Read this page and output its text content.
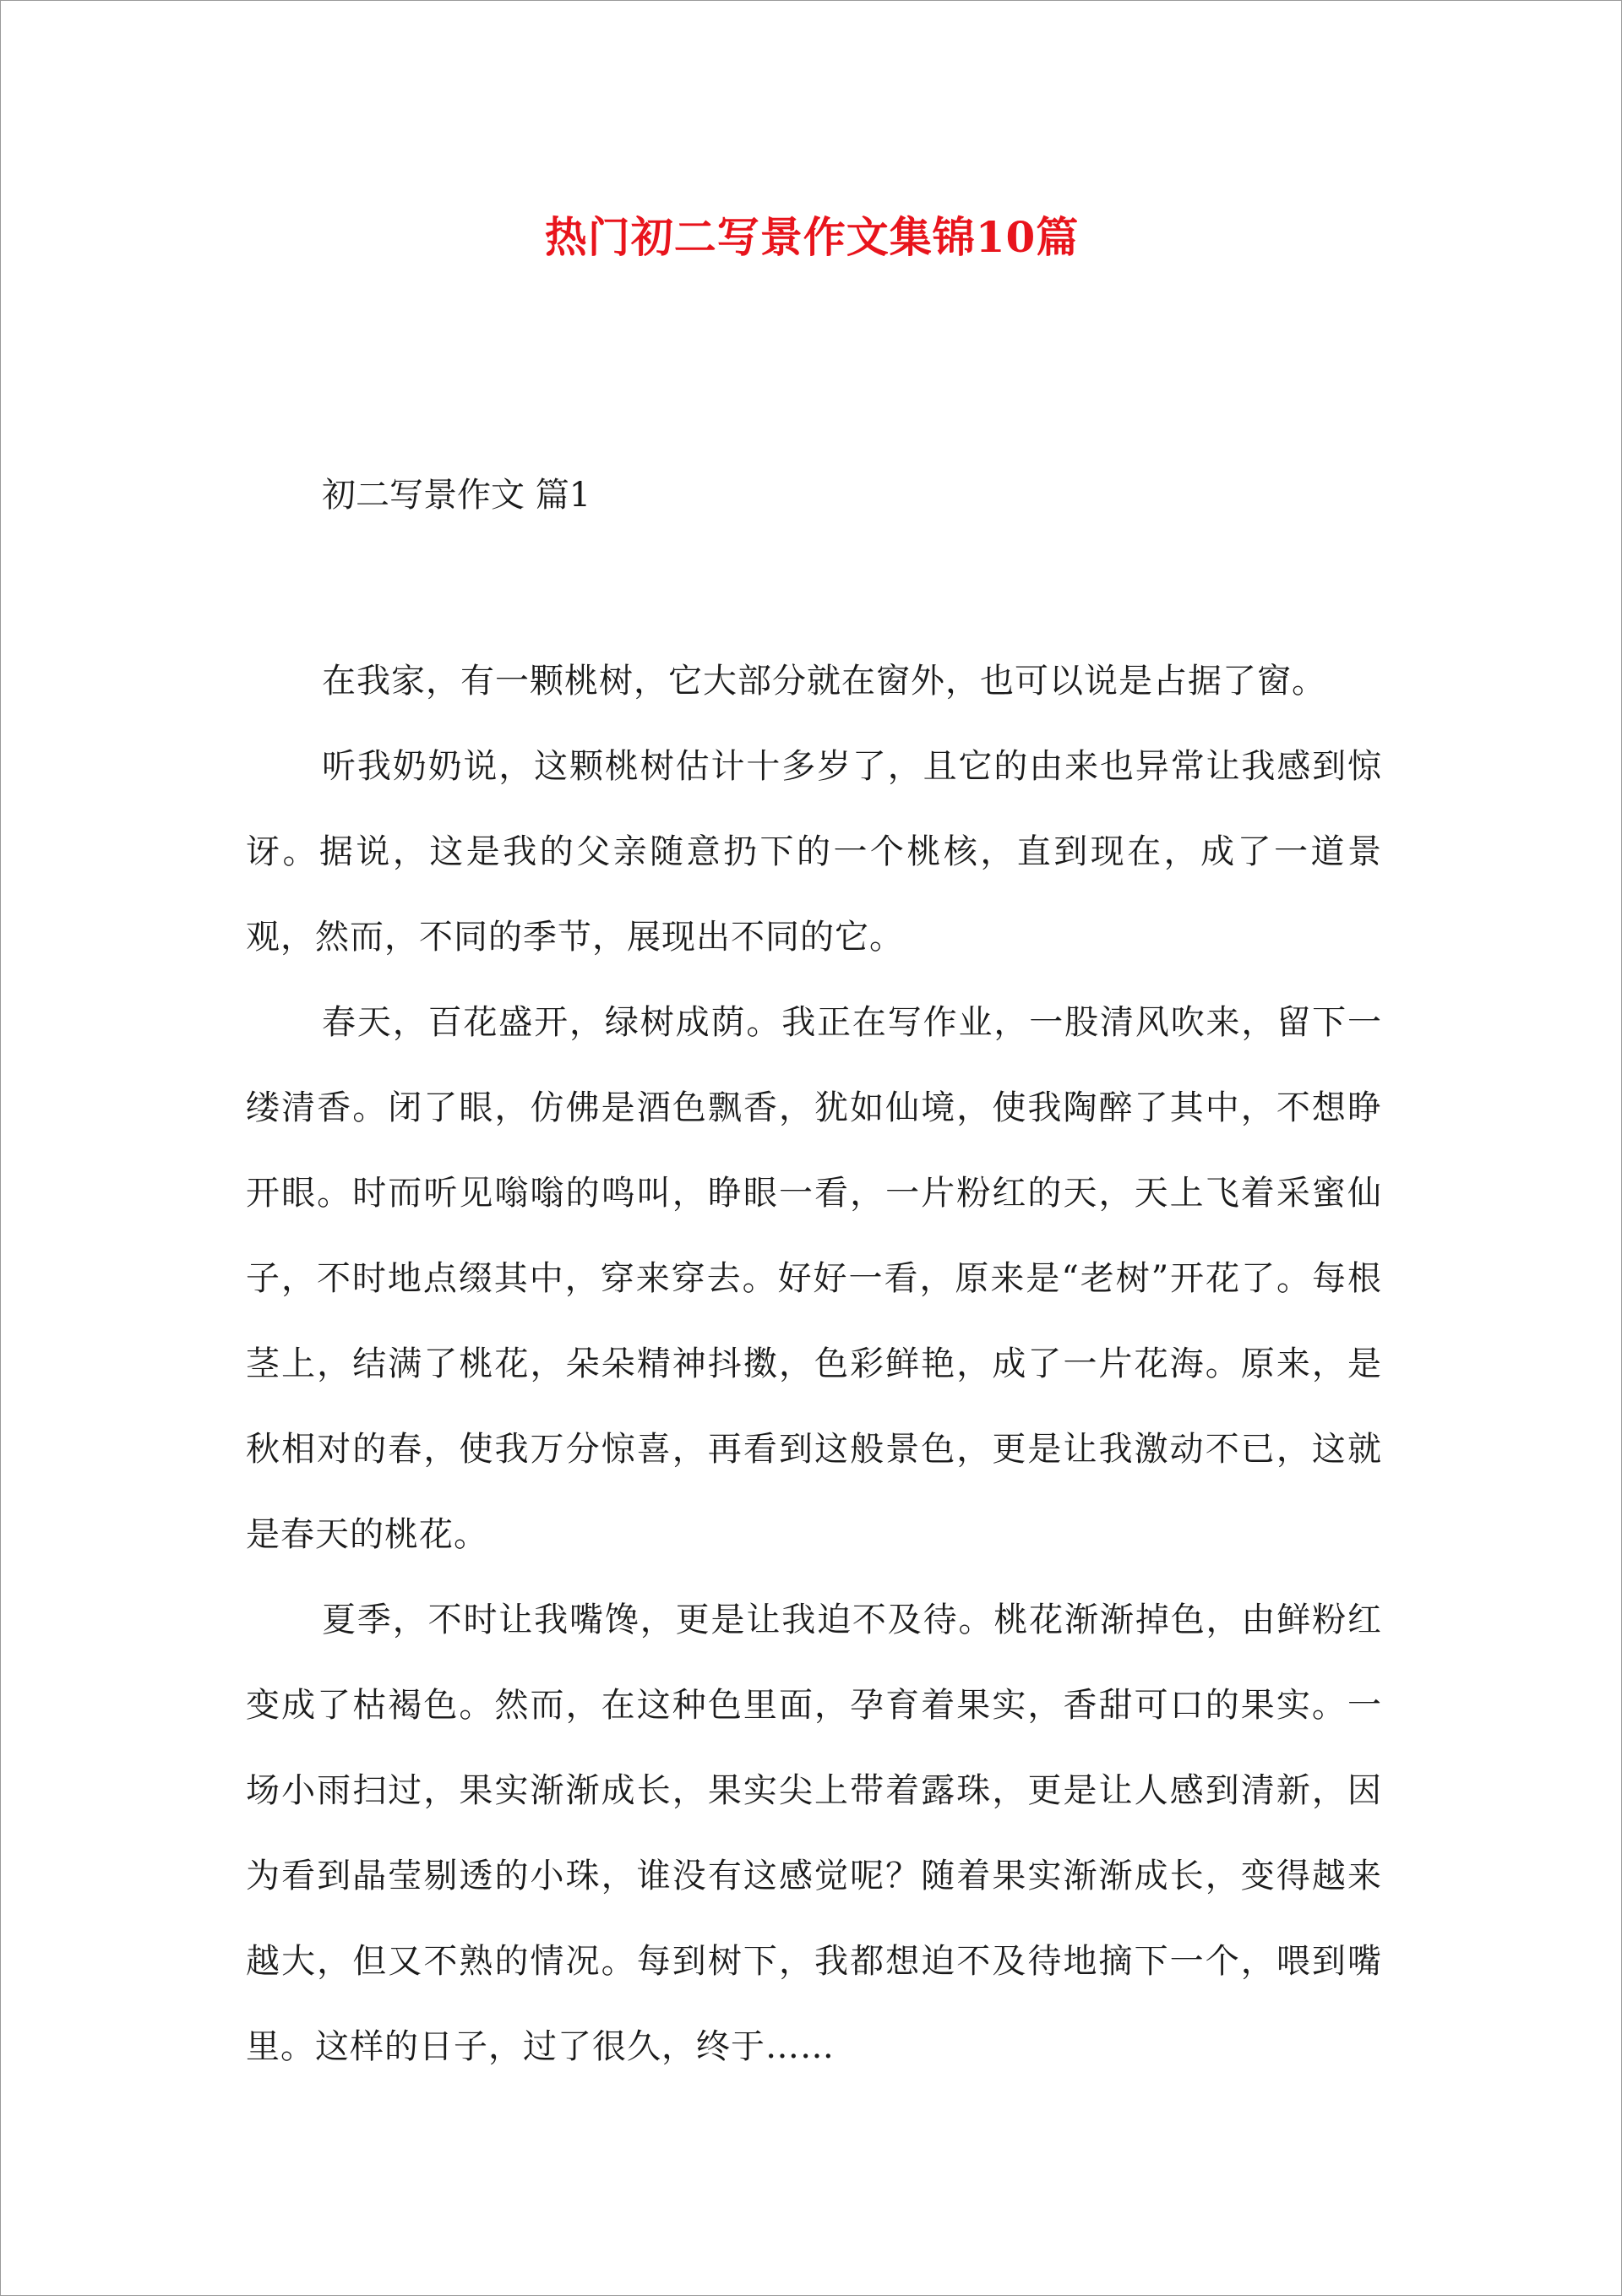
热门初二写景作文集锦10篇
初二写景作文 篇1

在我家，有一颗桃树，它大部分就在窗外，也可以说是占据了窗。

听我奶奶说，这颗桃树估计十多岁了，且它的由来也异常让我感到惊讶。据说，这是我的父亲随意扔下的一个桃核，直到现在，成了一道景观，然而，不同的季节，展现出不同的它。

春天，百花盛开，绿树成荫。我正在写作业，一股清风吹来，留下一缕清香。闭了眼，仿佛是酒色飘香，犹如仙境，使我陶醉了其中，不想睁开眼。时而听见嗡嗡的鸣叫，睁眼一看，一片粉红的天，天上飞着采蜜仙子，不时地点缀其中，穿来穿去。好好一看，原来是“老树”开花了。每根茎上，结满了桃花，朵朵精神抖擞，色彩鲜艳，成了一片花海。原来，是秋相对的春，使我万分惊喜，再看到这般景色，更是让我激动不已，这就是春天的桃花。

夏季，不时让我嘴馋，更是让我迫不及待。桃花渐渐掉色，由鲜粉红变成了枯褐色。然而，在这种色里面，孕育着果实，香甜可口的果实。一场小雨扫过，果实渐渐成长，果实尖上带着露珠，更是让人感到清新，因为看到晶莹剔透的小珠，谁没有这感觉呢？随着果实渐渐成长，变得越来越大，但又不熟的情况。每到树下，我都想迫不及待地摘下一个，喂到嘴里。这样的日子，过了很久，终于……
